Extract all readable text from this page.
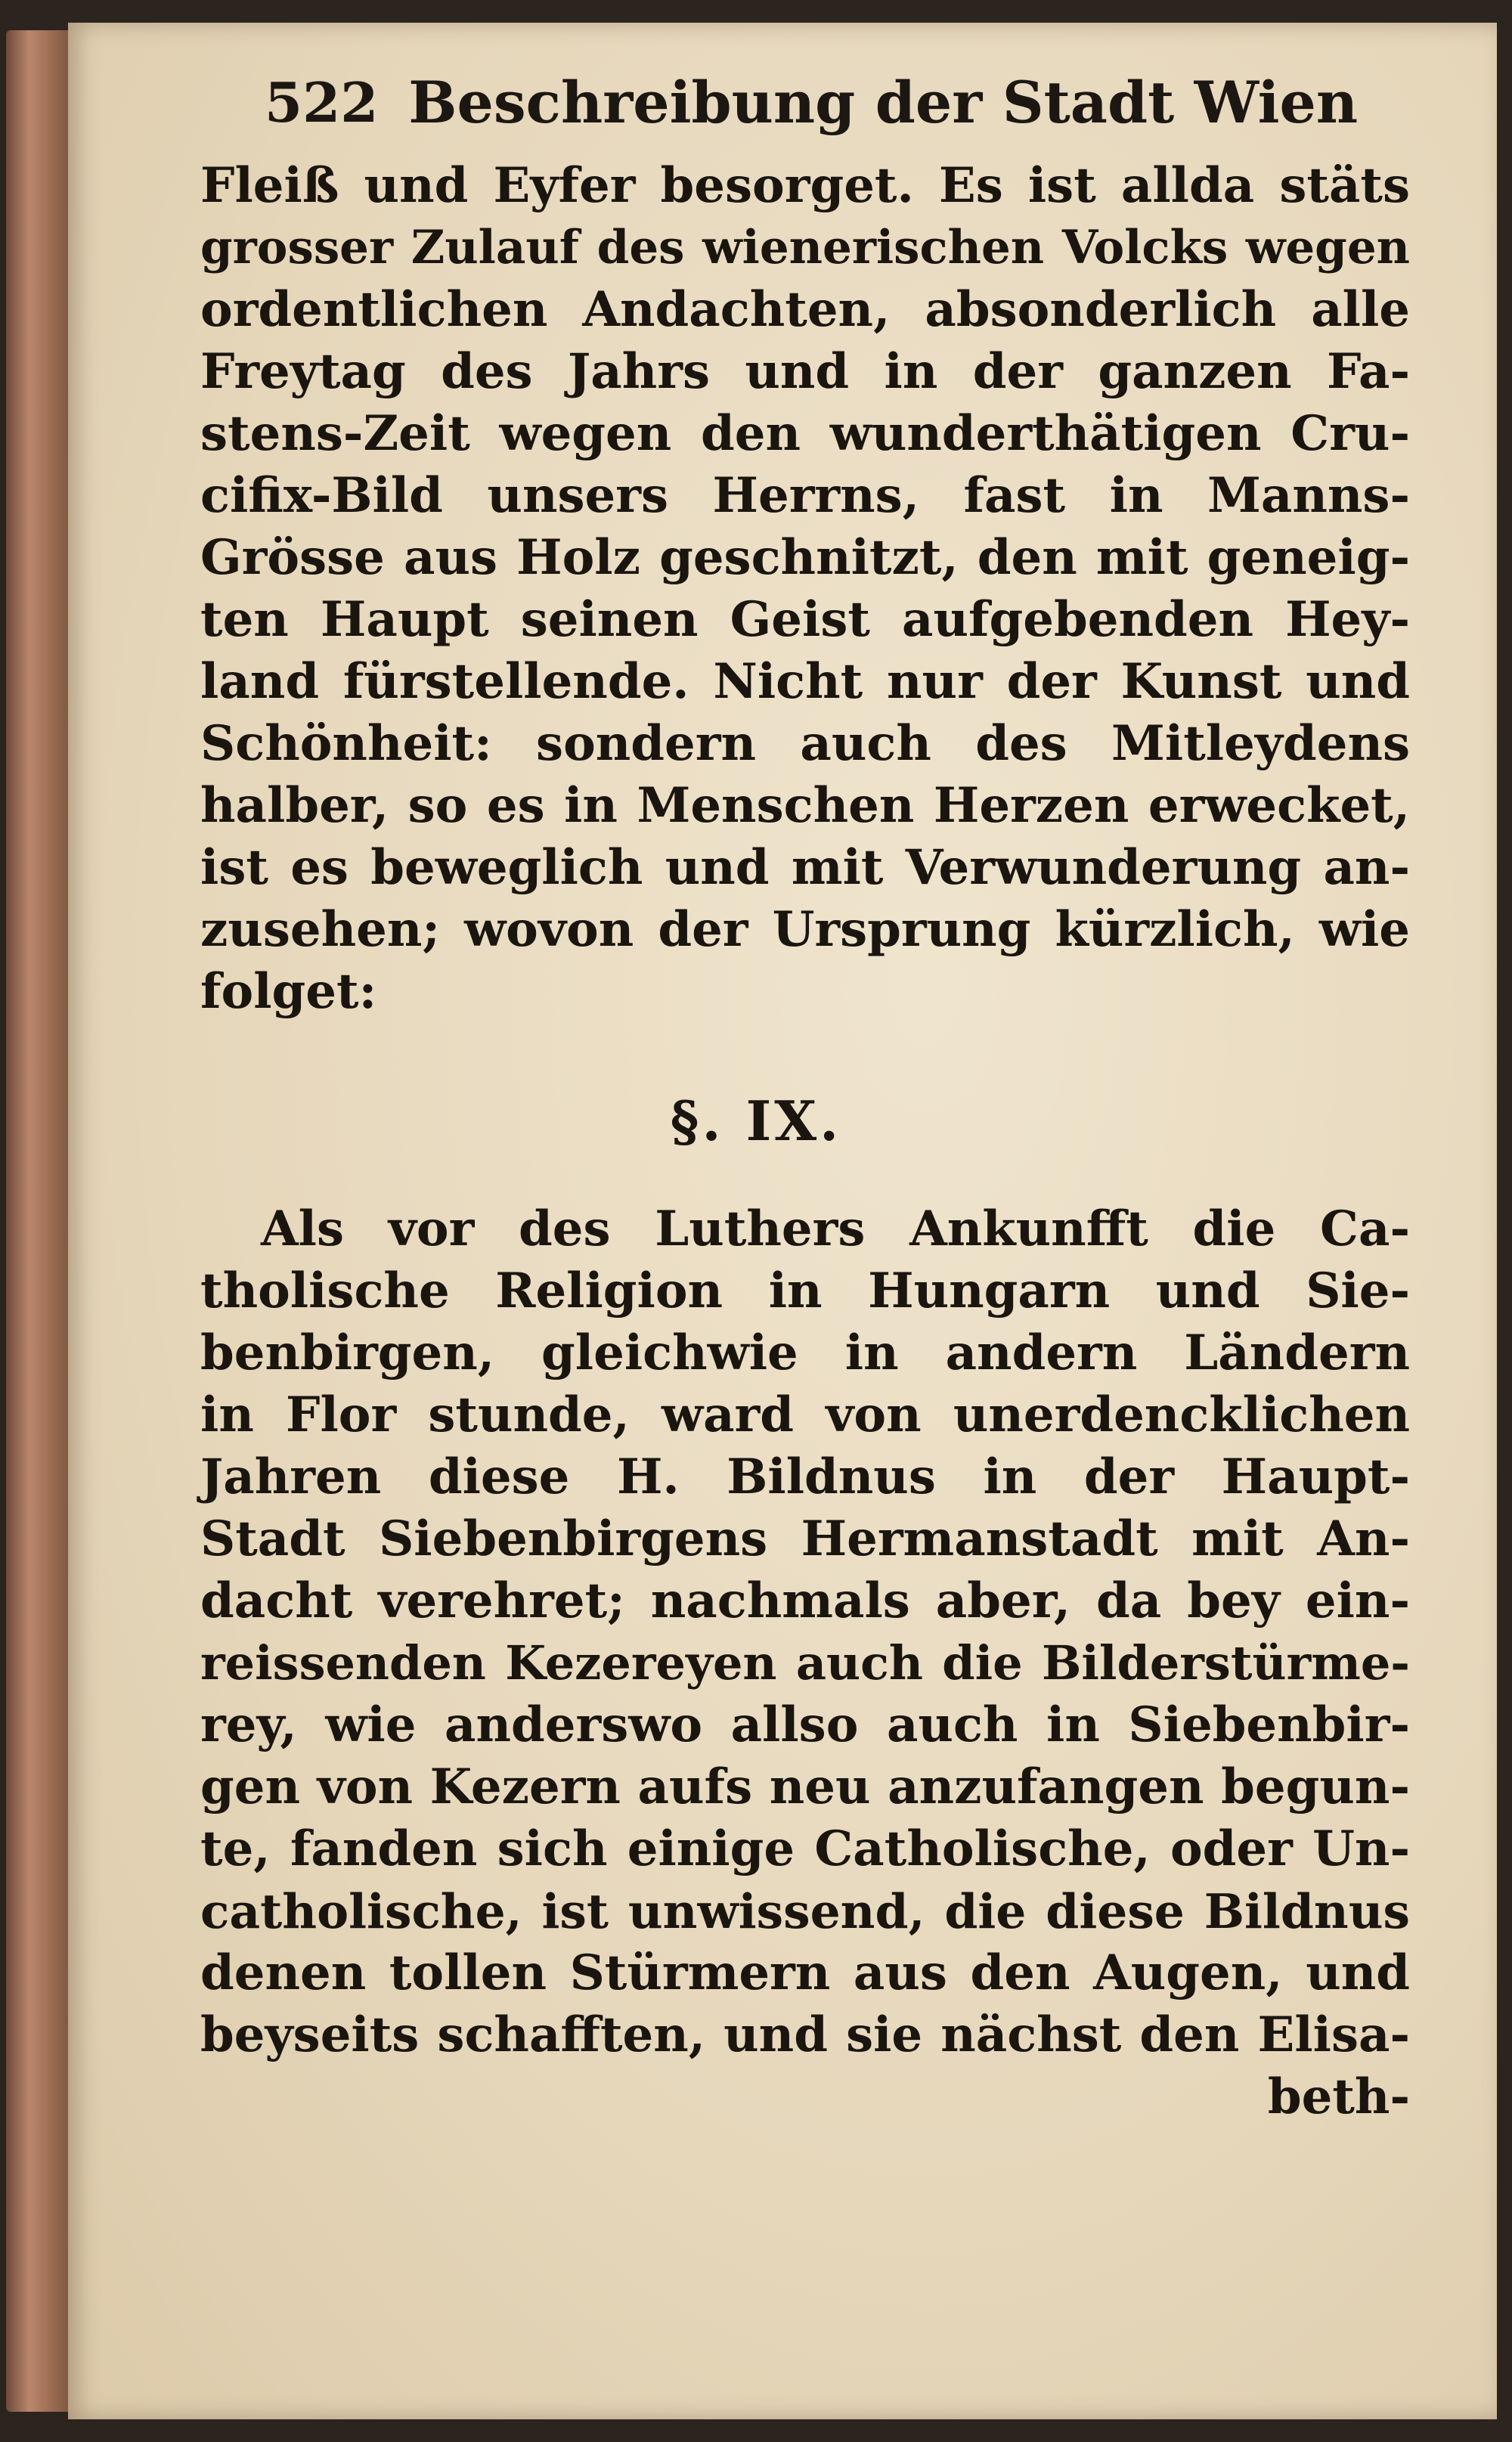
522 Beschreibung der Stadt Wien
Fleiß und Eyfer besorget. Es ist allda stäts
grosser Zulauf des wienerischen Volcks wegen
ordentlichen Andachten, absonderlich alle
Freytag des Jahrs und in der ganzen Fa-
stens-Zeit wegen den wunderthätigen Cru-
cifix-Bild unsers Herrns, fast in Manns-
Grösse aus Holz geschnitzt, den mit geneig-
ten Haupt seinen Geist aufgebenden Hey-
land fürstellende. Nicht nur der Kunst und
Schönheit: sondern auch des Mitleydens
halber, so es in Menschen Herzen erwecket,
ist es beweglich und mit Verwunderung an-
zusehen; wovon der Ursprung kürzlich, wie
folget:
§. IX.
Als vor des Luthers Ankunfft die Ca-
tholische Religion in Hungarn und Sie-
benbirgen, gleichwie in andern Ländern
in Flor stunde, ward von unerdencklichen
Jahren diese H. Bildnus in der Haupt-
Stadt Siebenbirgens Hermanstadt mit An-
dacht verehret; nachmals aber, da bey ein-
reissenden Kezereyen auch die Bilderstürme-
rey, wie anderswo allso auch in Siebenbir-
gen von Kezern aufs neu anzufangen begun-
te, fanden sich einige Catholische, oder Un-
catholische, ist unwissend, die diese Bildnus
denen tollen Stürmern aus den Augen, und
beyseits schafften, und sie nächst den Elisa-
beth-
